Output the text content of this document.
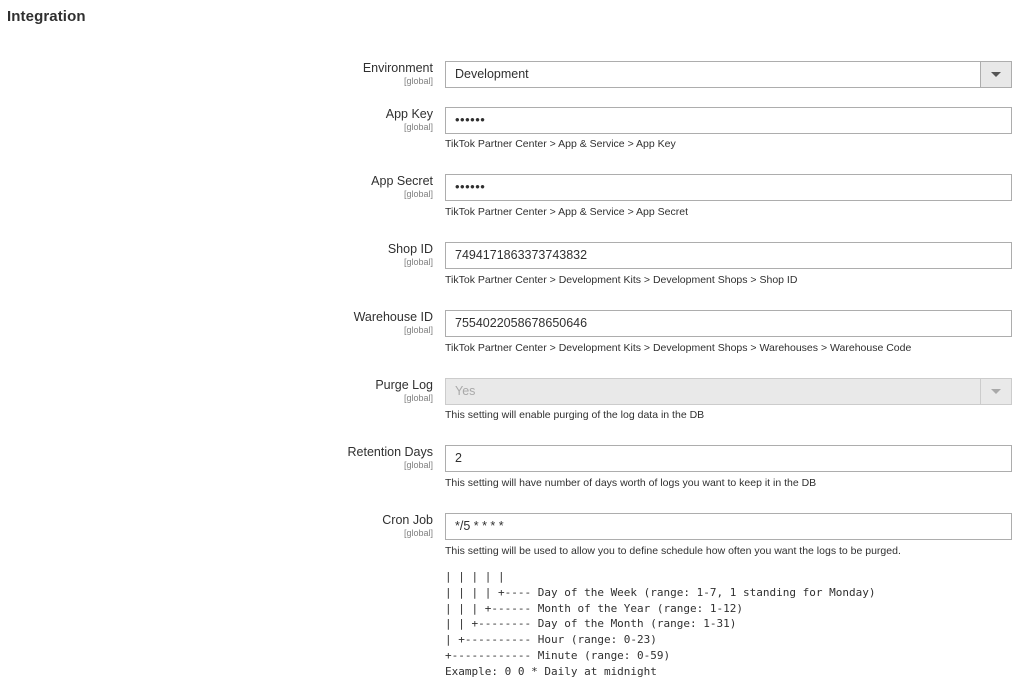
Integration
Environment
[global] Development
App Key
[global] ••••••
TikTok Partner Center > App & Service > App Key
App Secret
[global] ••••••
TikTok Partner Center > App & Service > App Secret
Shop ID
[global] 7494171863373743832
TikTok Partner Center > Development Kits > Development Shops > Shop ID
Warehouse ID
[global] 7554022058678650646
TikTok Partner Center > Development Kits > Development Shops > Warehouses > Warehouse Code
Purge Log
[global] Yes
This setting will enable purging of the log data in the DB
Retention Days
[global] 2
This setting will have number of days worth of logs you want to keep it in the DB
Cron Job
[global] */5 * * * *
This setting will be used to allow you to define schedule how often you want the logs to be purged.
| | | | |
| | | | +---- Day of the Week (range: 1-7, 1 standing for Monday)
| | | +------ Month of the Year (range: 1-12)
| | +-------- Day of the Month (range: 1-31)
| +---------- Hour (range: 0-23)
+------------ Minute (range: 0-59)
Example: 0 0 * Daily at midnight
